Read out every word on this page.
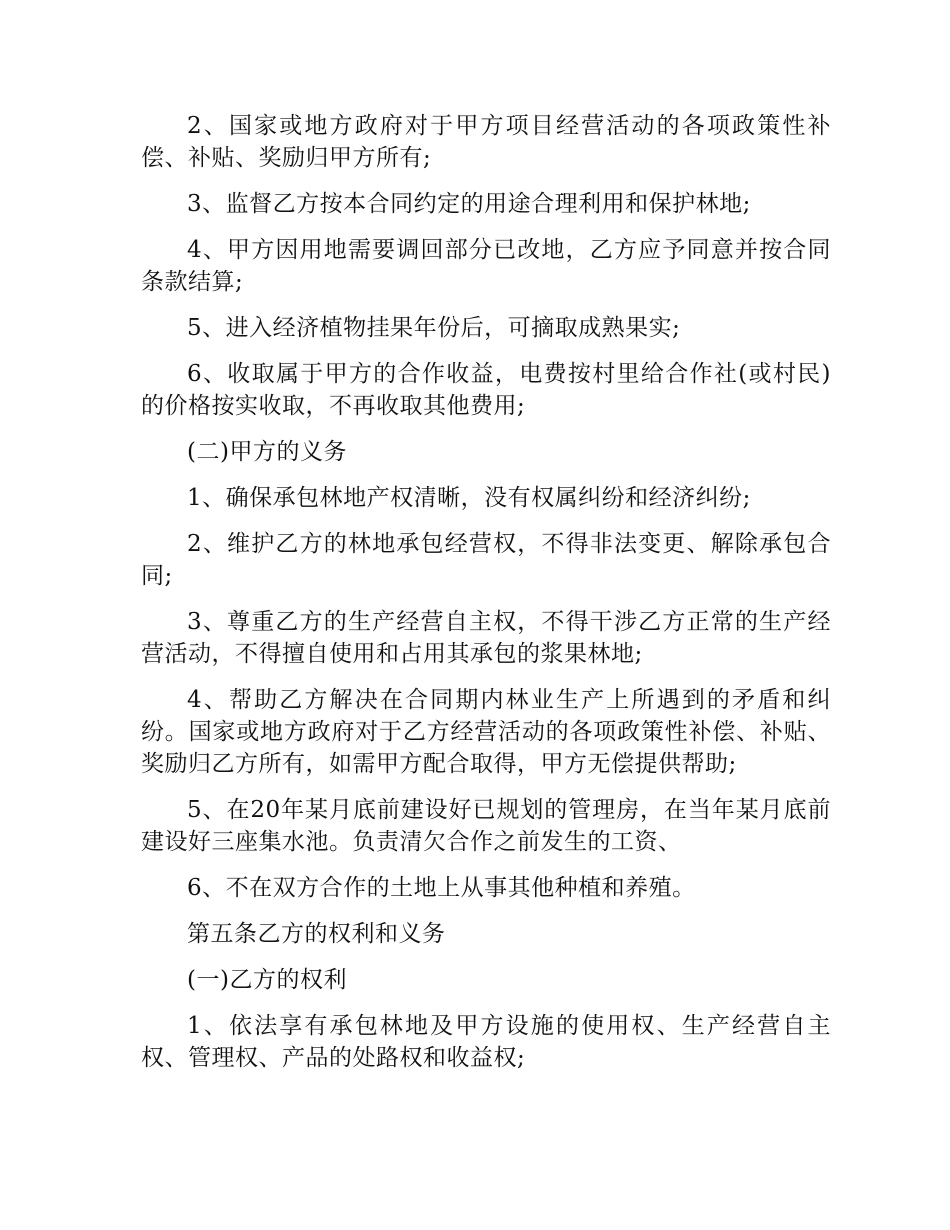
2、国家或地方政府对于甲方项目经营活动的各项政策性补偿、补贴、奖励归甲方所有;

3、监督乙方按本合同约定的用途合理利用和保护林地;

4、甲方因用地需要调回部分已改地，乙方应予同意并按合同条款结算;

5、进入经济植物挂果年份后，可摘取成熟果实;

6、收取属于甲方的合作收益，电费按村里给合作社(或村民)的价格按实收取，不再收取其他费用;

(二)甲方的义务

1、确保承包林地产权清晰，没有权属纠纷和经济纠纷;

2、维护乙方的林地承包经营权，不得非法变更、解除承包合同;

3、尊重乙方的生产经营自主权，不得干涉乙方正常的生产经营活动，不得擅自使用和占用其承包的浆果林地;

4、帮助乙方解决在合同期内林业生产上所遇到的矛盾和纠纷。国家或地方政府对于乙方经营活动的各项政策性补偿、补贴、奖励归乙方所有，如需甲方配合取得，甲方无偿提供帮助;

5、在20年某月底前建设好已规划的管理房，在当年某月底前建设好三座集水池。负责清欠合作之前发生的工资、

6、不在双方合作的土地上从事其他种植和养殖。

第五条乙方的权利和义务

(一)乙方的权利

1、依法享有承包林地及甲方设施的使用权、生产经营自主权、管理权、产品的处路权和收益权;
